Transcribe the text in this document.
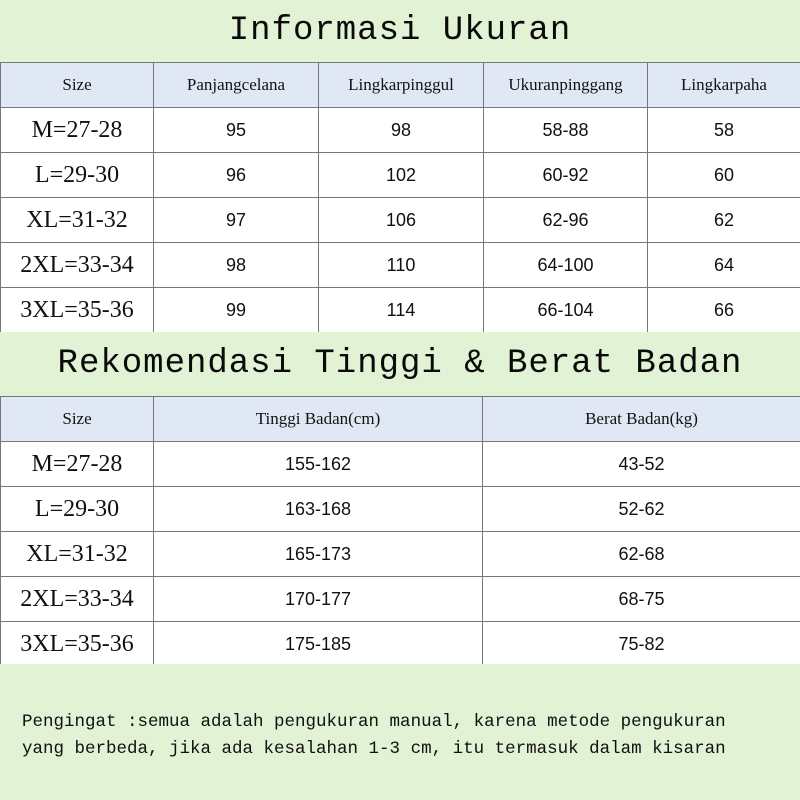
Informasi Ukuran
Size	Panjangcelana	Lingkarpinggul	Ukuranpinggang	Lingkarpaha
M=27-28	95	98	58-88	58
L=29-30	96	102	60-92	60
XL=31-32	97	106	62-96	62
2XL=33-34	98	110	64-100	64
3XL=35-36	99	114	66-104	66
Rekomendasi Tinggi & Berat Badan
Size	Tinggi Badan(cm)	Berat Badan(kg)
M=27-28	155-162	43-52
L=29-30	163-168	52-62
XL=31-32	165-173	62-68
2XL=33-34	170-177	68-75
3XL=35-36	175-185	75-82

Pengingat :semua adalah pengukuran manual, karena metode pengukuran
yang berbeda, jika ada kesalahan 1-3 cm, itu termasuk dalam kisaran
